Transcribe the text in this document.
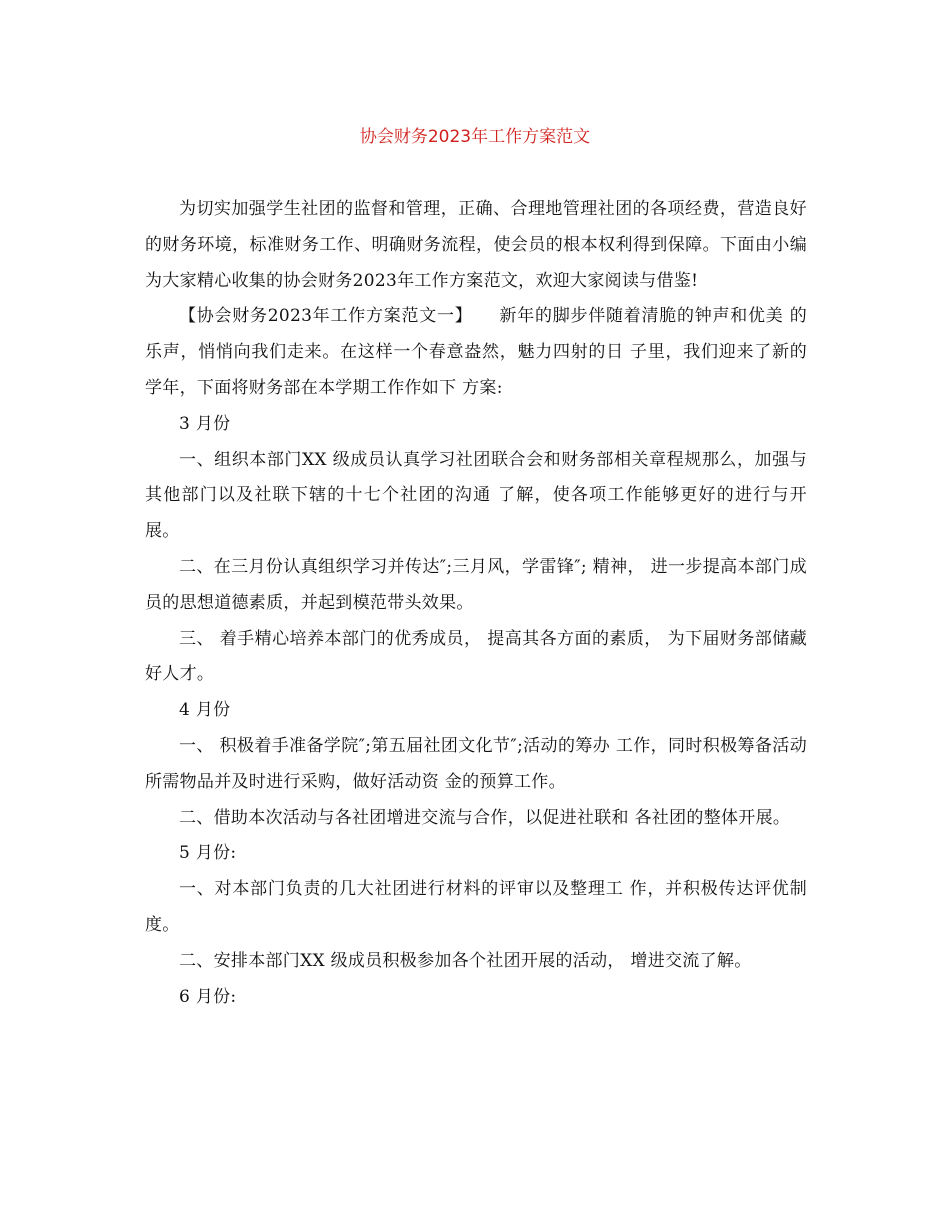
协会财务2023年工作方案范文

为切实加强学生社团的监督和管理，正确、合理地管理社团的各项经费，营造良好的财务环境，标准财务工作、明确财务流程，使会员的根本权利得到保障。下面由小编为大家精心收集的协会财务2023年工作方案范文，欢迎大家阅读与借鉴!

【协会财务2023年工作方案范文一】　　新年的脚步伴随着清脆的钟声和优美 的乐声，悄悄向我们走来。在这样一个春意盎然，魅力四射的日 子里，我们迎来了新的学年，下面将财务部在本学期工作作如下 方案:

3 月份

一、组织本部门XX 级成员认真学习社团联合会和财务部相关章程规那么，加强与其他部门以及社联下辖的十七个社团的沟通 了解，使各项工作能够更好的进行与开展。

二、在三月份认真组织学习并传达″;三月风，学雷锋″; 精神， 进一步提高本部门成员的思想道德素质，并起到模范带头效果。

三、 着手精心培养本部门的优秀成员， 提高其各方面的素质， 为下届财务部储藏好人才。

4 月份

一、 积极着手准备学院″;第五届社团文化节″;活动的筹办 工作，同时积极筹备活动所需物品并及时进行采购，做好活动资 金的预算工作。

二、借助本次活动与各社团增进交流与合作，以促进社联和 各社团的整体开展。

5 月份:

一、对本部门负责的几大社团进行材料的评审以及整理工 作，并积极传达评优制度。

二、安排本部门XX 级成员积极参加各个社团开展的活动， 增进交流了解。

6 月份:
